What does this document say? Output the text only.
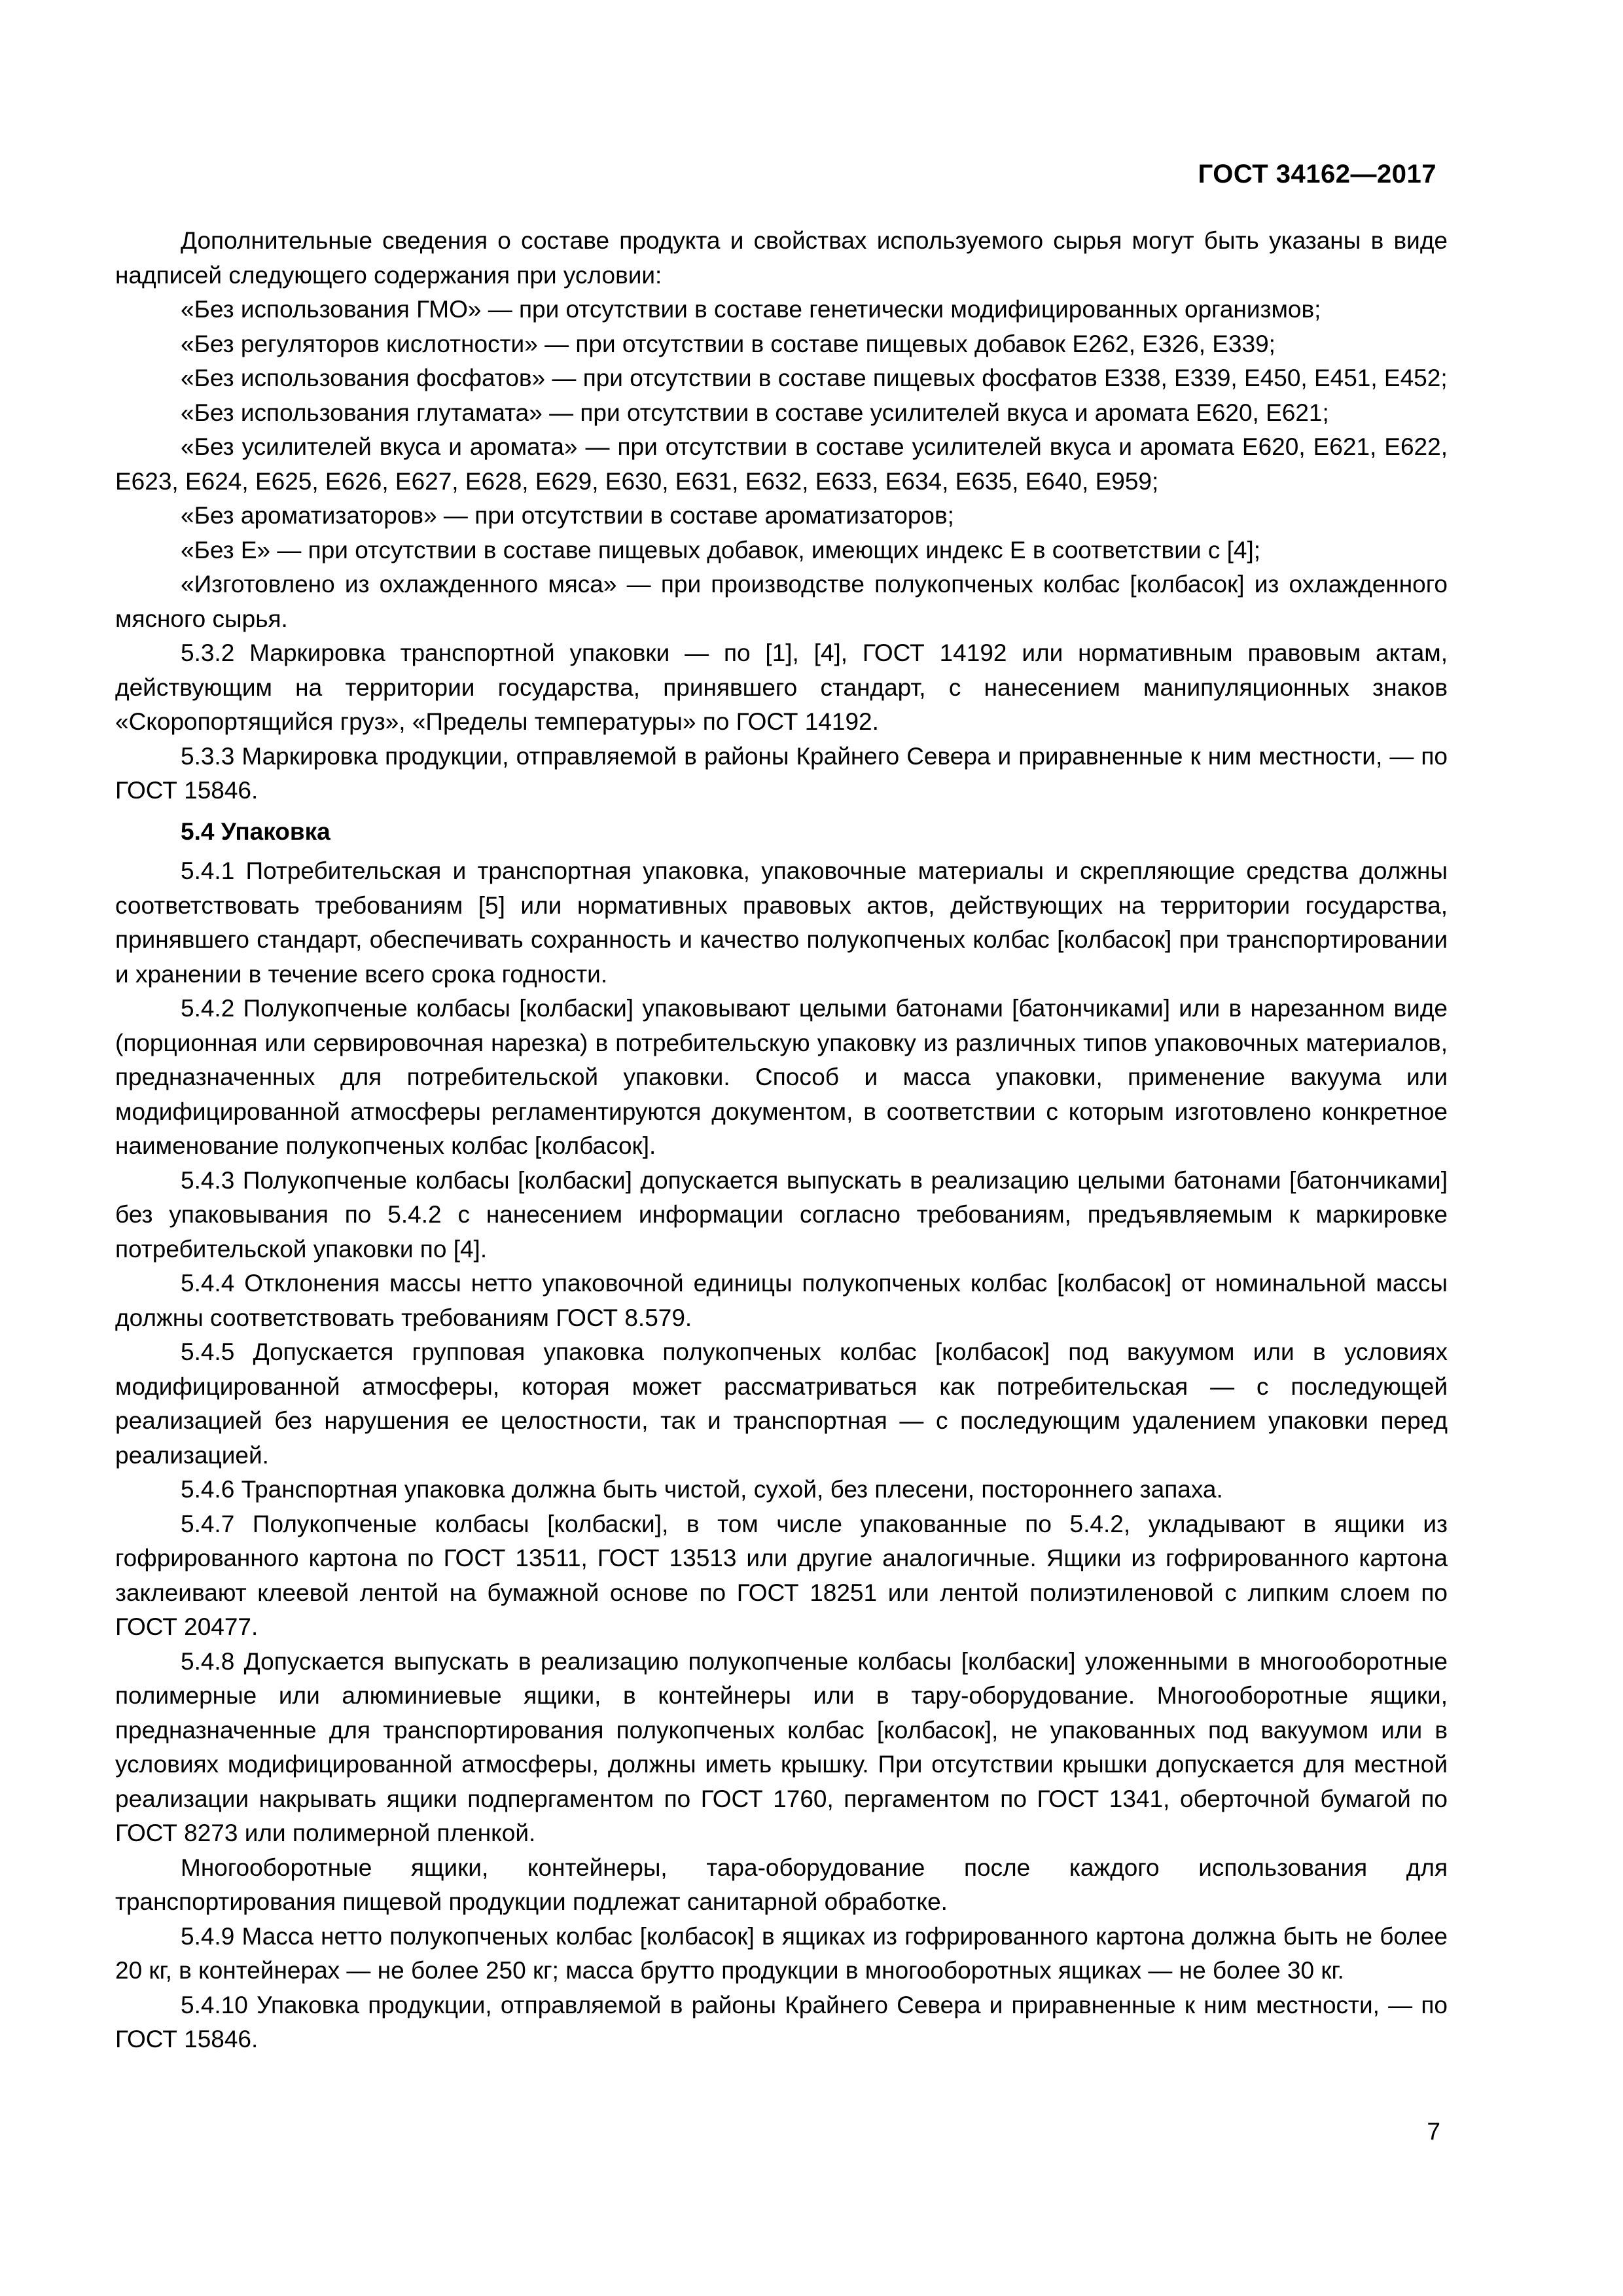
ГОСТ 34162—2017

Дополнительные сведения о составе продукта и свойствах используемого сырья могут быть указаны в виде надписей следующего содержания при условии:

«Без использования ГМО» — при отсутствии в составе генетически модифицированных организмов;

«Без регуляторов кислотности» — при отсутствии в составе пищевых добавок Е262, Е326, Е339;

«Без использования фосфатов» — при отсутствии в составе пищевых фосфатов Е338, Е339, Е450, Е451, Е452;

«Без использования глутамата» — при отсутствии в составе усилителей вкуса и аромата Е620, Е621;

«Без усилителей вкуса и аромата» — при отсутствии в составе усилителей вкуса и аромата Е620, Е621, Е622, Е623, Е624, Е625, Е626, Е627, Е628, Е629, Е630, Е631, Е632, Е633, Е634, Е635, Е640, Е959;

«Без ароматизаторов» — при отсутствии в составе ароматизаторов;

«Без Е» — при отсутствии в составе пищевых добавок, имеющих индекс Е в соответствии с [4];

«Изготовлено из охлажденного мяса» — при производстве полукопченых колбас [колбасок] из охлажденного мясного сырья.

5.3.2 Маркировка транспортной упаковки — по [1], [4], ГОСТ 14192 или нормативным правовым актам, действующим на территории государства, принявшего стандарт, с нанесением манипуляционных знаков «Скоропортящийся груз», «Пределы температуры» по ГОСТ 14192.

5.3.3 Маркировка продукции, отправляемой в районы Крайнего Севера и приравненные к ним местности, — по ГОСТ 15846.

5.4 Упаковка

5.4.1 Потребительская и транспортная упаковка, упаковочные материалы и скрепляющие средства должны соответствовать требованиям [5] или нормативных правовых актов, действующих на территории государства, принявшего стандарт, обеспечивать сохранность и качество полукопченых колбас [колбасок] при транспортировании и хранении в течение всего срока годности.

5.4.2 Полукопченые колбасы [колбаски] упаковывают целыми батонами [батончиками] или в нарезанном виде (порционная или сервировочная нарезка) в потребительскую упаковку из различных типов упаковочных материалов, предназначенных для потребительской упаковки. Способ и масса упаковки, применение вакуума или модифицированной атмосферы регламентируются документом, в соответствии с которым изготовлено конкретное наименование полукопченых колбас [колбасок].

5.4.3 Полукопченые колбасы [колбаски] допускается выпускать в реализацию целыми батонами [батончиками] без упаковывания по 5.4.2 с нанесением информации согласно требованиям, предъявляемым к маркировке потребительской упаковки по [4].

5.4.4 Отклонения массы нетто упаковочной единицы полукопченых колбас [колбасок] от номинальной массы должны соответствовать требованиям ГОСТ 8.579.

5.4.5 Допускается групповая упаковка полукопченых колбас [колбасок] под вакуумом или в условиях модифицированной атмосферы, которая может рассматриваться как потребительская — с последующей реализацией без нарушения ее целостности, так и транспортная — с последующим удалением упаковки перед реализацией.

5.4.6 Транспортная упаковка должна быть чистой, сухой, без плесени, постороннего запаха.

5.4.7 Полукопченые колбасы [колбаски], в том числе упакованные по 5.4.2, укладывают в ящики из гофрированного картона по ГОСТ 13511, ГОСТ 13513 или другие аналогичные. Ящики из гофрированного картона заклеивают клеевой лентой на бумажной основе по ГОСТ 18251 или лентой полиэтиленовой с липким слоем по ГОСТ 20477.

5.4.8 Допускается выпускать в реализацию полукопченые колбасы [колбаски] уложенными в многооборотные полимерные или алюминиевые ящики, в контейнеры или в тару-оборудование. Многооборотные ящики, предназначенные для транспортирования полукопченых колбас [колбасок], не упакованных под вакуумом или в условиях модифицированной атмосферы, должны иметь крышку. При отсутствии крышки допускается для местной реализации накрывать ящики подпергаментом по ГОСТ 1760, пергаментом по ГОСТ 1341, оберточной бумагой по ГОСТ 8273 или полимерной пленкой.

Многооборотные ящики, контейнеры, тара-оборудование после каждого использования для транспортирования пищевой продукции подлежат санитарной обработке.

5.4.9 Масса нетто полукопченых колбас [колбасок] в ящиках из гофрированного картона должна быть не более 20 кг, в контейнерах — не более 250 кг; масса брутто продукции в многооборотных ящиках — не более 30 кг.

5.4.10 Упаковка продукции, отправляемой в районы Крайнего Севера и приравненные к ним местности, — по ГОСТ 15846.

7
